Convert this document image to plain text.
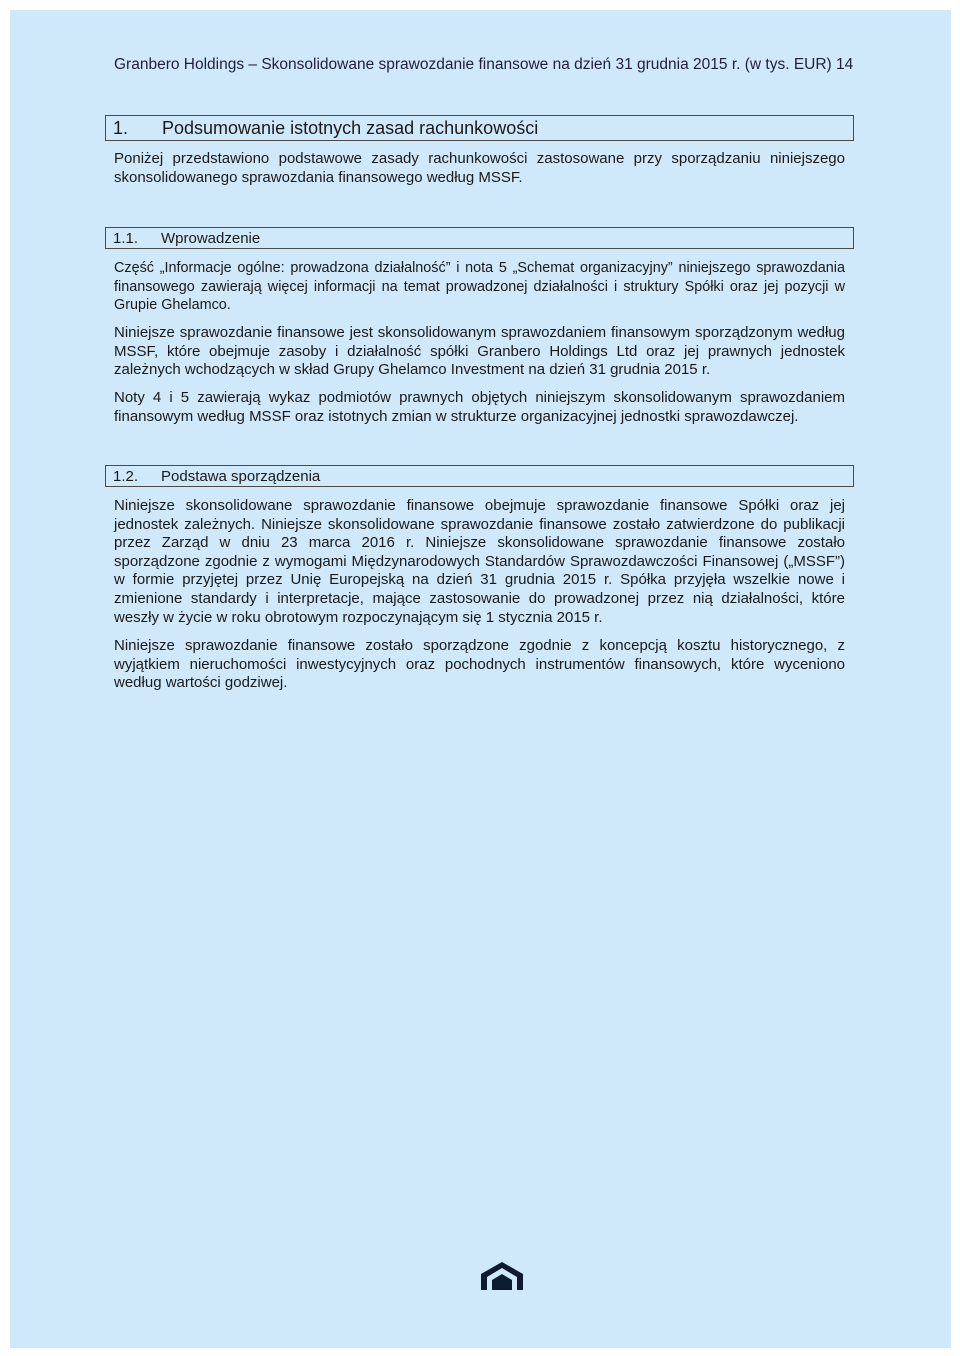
Granbero Holdings – Skonsolidowane sprawozdanie finansowe na dzień 31 grudnia 2015 r. (w tys. EUR) 14
1.	Podsumowanie istotnych zasad rachunkowości

Poniżej przedstawiono podstawowe zasady rachunkowości zastosowane przy sporządzaniu niniejszego skonsolidowanego sprawozdania finansowego według MSSF.

1.1.	Wprowadzenie

Część „Informacje ogólne: prowadzona działalność” i nota 5 „Schemat organizacyjny” niniejszego sprawozdania finansowego zawierają więcej informacji na temat prowadzonej działalności i struktury Spółki oraz jej pozycji w Grupie Ghelamco.

Niniejsze sprawozdanie finansowe jest skonsolidowanym sprawozdaniem finansowym sporządzonym według MSSF, które obejmuje zasoby i działalność spółki Granbero Holdings Ltd oraz jej prawnych jednostek zależnych wchodzących w skład Grupy Ghelamco Investment na dzień 31 grudnia 2015 r.

Noty 4 i 5 zawierają wykaz podmiotów prawnych objętych niniejszym skonsolidowanym sprawozdaniem finansowym według MSSF oraz istotnych zmian w strukturze organizacyjnej jednostki sprawozdawczej.

1.2.	Podstawa sporządzenia

Niniejsze skonsolidowane sprawozdanie finansowe obejmuje sprawozdanie finansowe Spółki oraz jej jednostek zależnych. Niniejsze skonsolidowane sprawozdanie finansowe zostało zatwierdzone do publikacji przez Zarząd w dniu 23 marca 2016 r. Niniejsze skonsolidowane sprawozdanie finansowe zostało sporządzone zgodnie z wymogami Międzynarodowych Standardów Sprawozdawczości Finansowej („MSSF”) w formie przyjętej przez Unię Europejską na dzień 31 grudnia 2015 r. Spółka przyjęła wszelkie nowe i zmienione standardy i interpretacje, mające zastosowanie do prowadzonej przez nią działalności, które weszły w życie w roku obrotowym rozpoczynającym się 1 stycznia 2015 r.

Niniejsze sprawozdanie finansowe zostało sporządzone zgodnie z koncepcją kosztu historycznego, z wyjątkiem nieruchomości inwestycyjnych oraz pochodnych instrumentów finansowych, które wyceniono według wartości godziwej.
